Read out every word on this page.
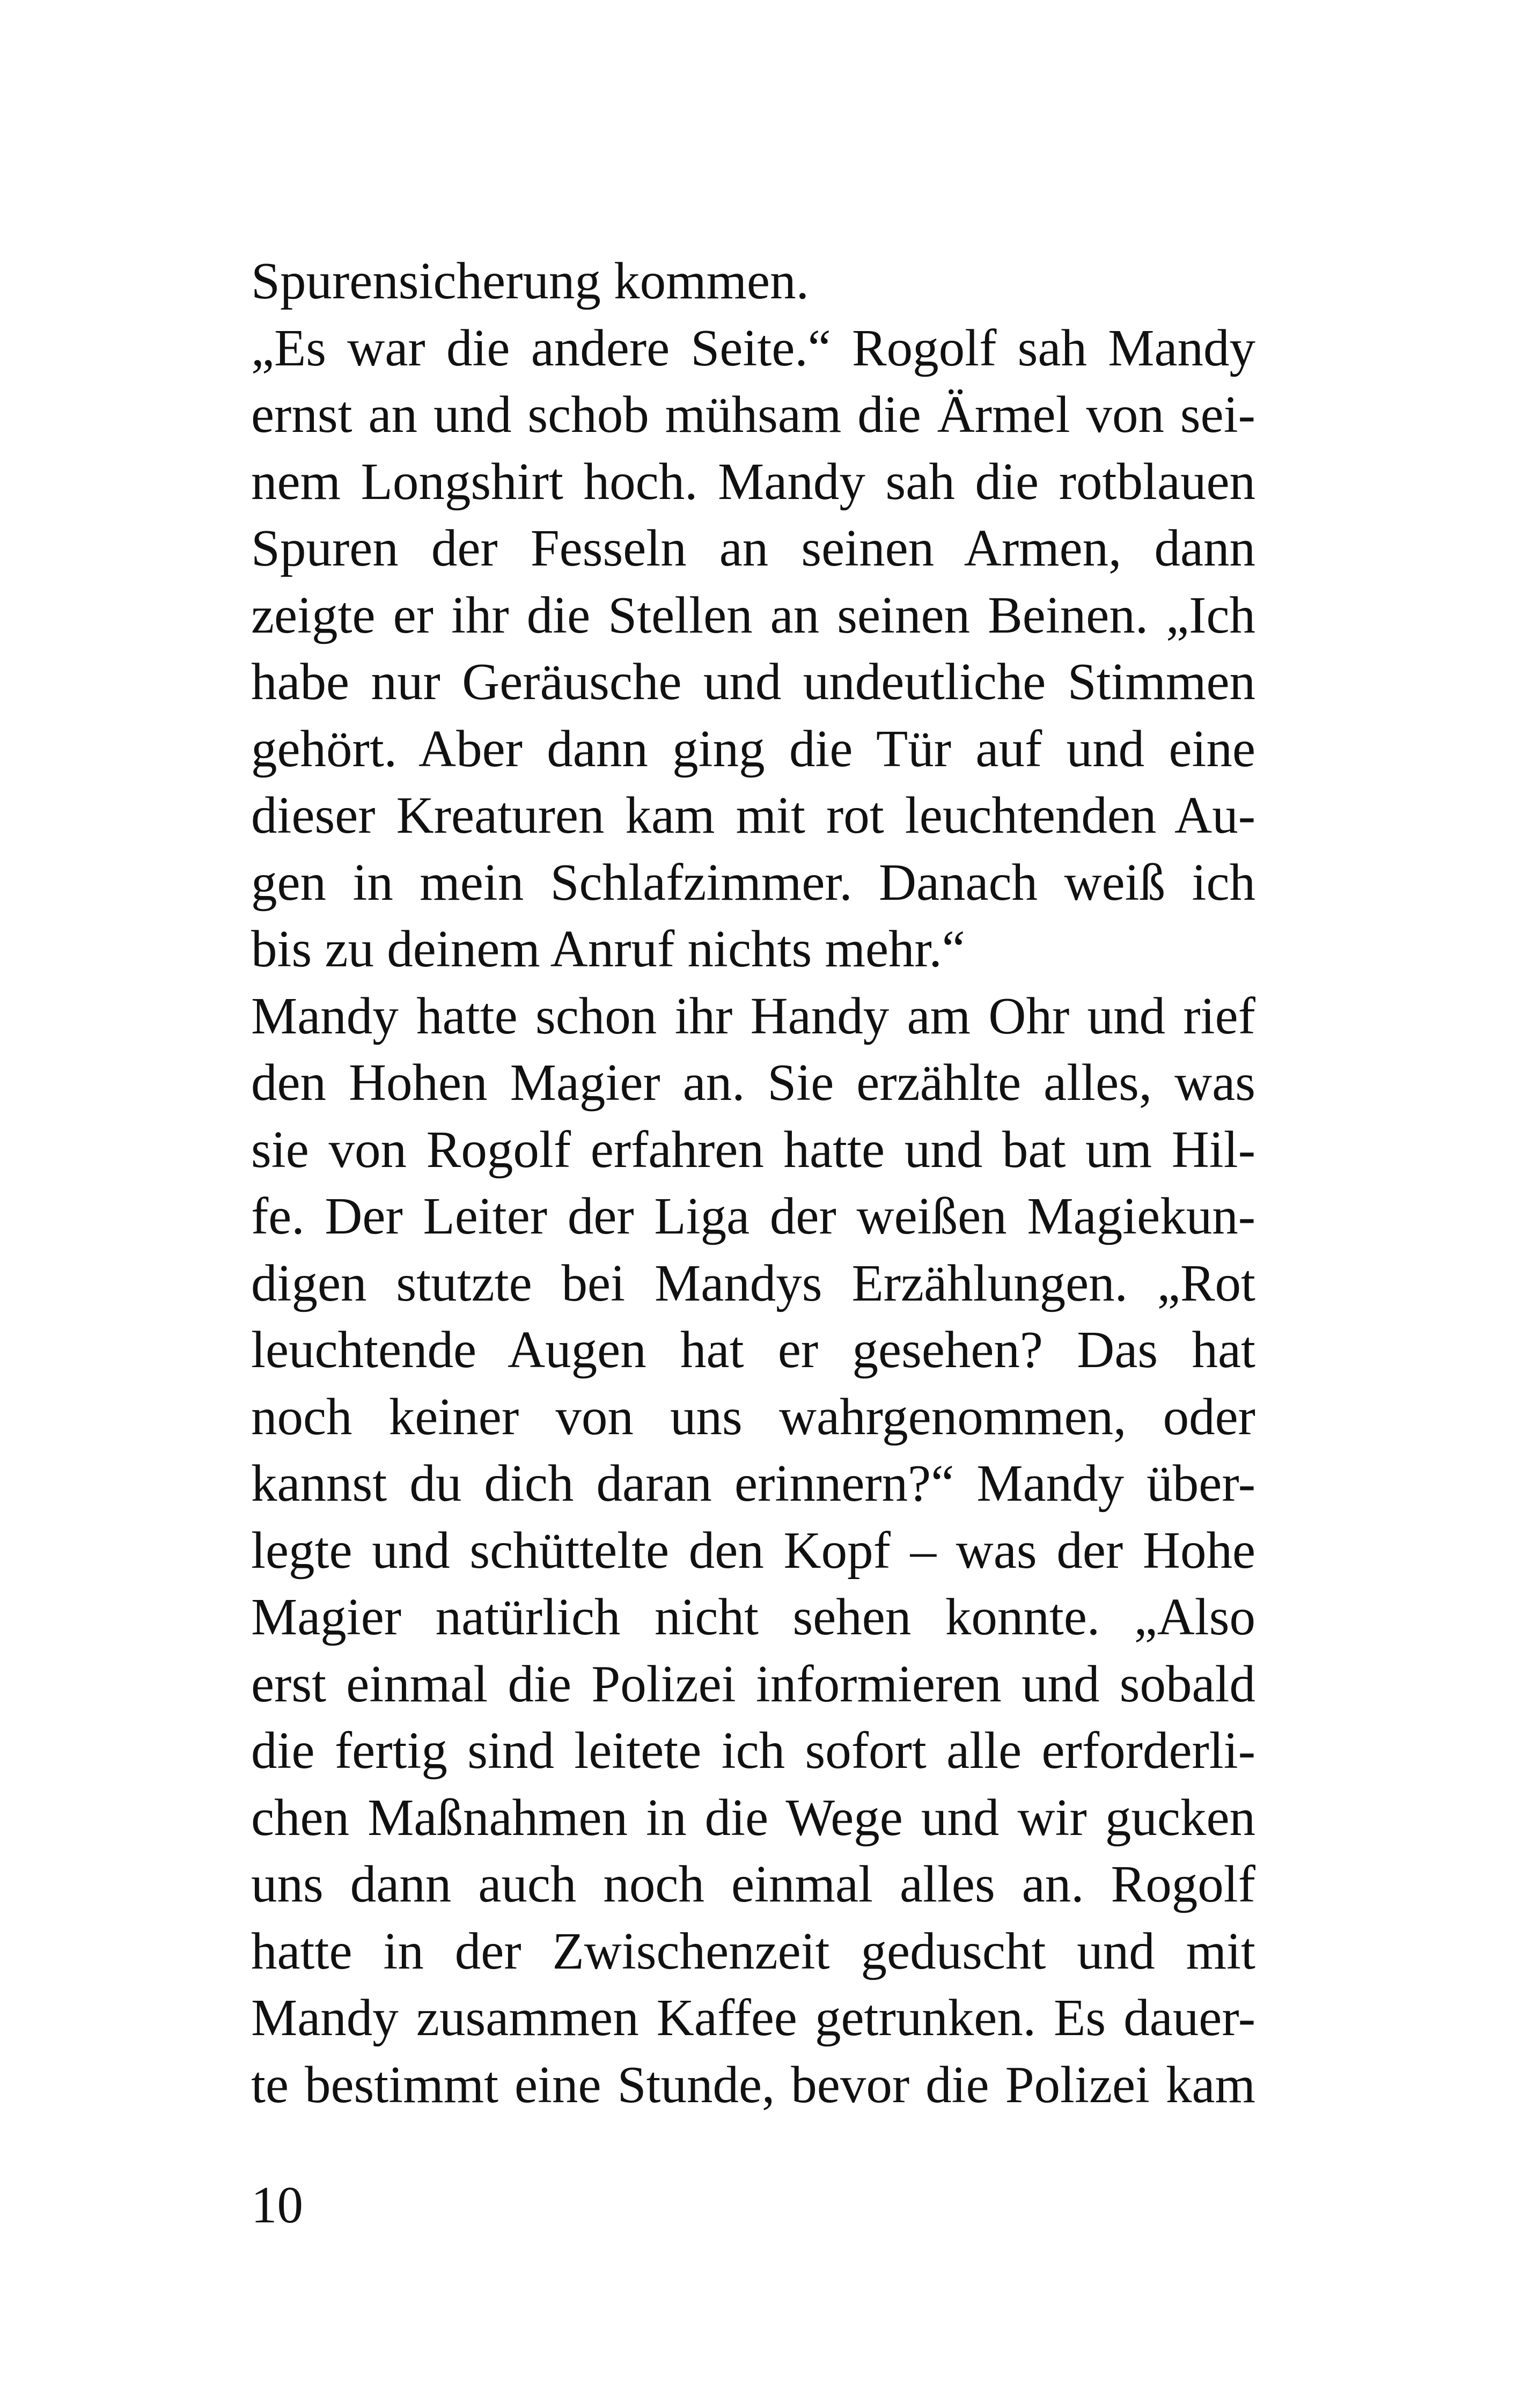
Spurensicherung kommen.
„Es war die andere Seite.“ Rogolf sah Mandy
ernst an und schob mühsam die Ärmel von sei-
nem Longshirt hoch. Mandy sah die rotblauen
Spuren der Fesseln an seinen Armen, dann
zeigte er ihr die Stellen an seinen Beinen. „Ich
habe nur Geräusche und undeutliche Stimmen
gehört. Aber dann ging die Tür auf und eine
dieser Kreaturen kam mit rot leuchtenden Au-
gen in mein Schlafzimmer. Danach weiß ich
bis zu deinem Anruf nichts mehr.“
Mandy hatte schon ihr Handy am Ohr und rief
den Hohen Magier an. Sie erzählte alles, was
sie von Rogolf erfahren hatte und bat um Hil-
fe. Der Leiter der Liga der weißen Magiekun-
digen stutzte bei Mandys Erzählungen. „Rot
leuchtende Augen hat er gesehen? Das hat
noch keiner von uns wahrgenommen, oder
kannst du dich daran erinnern?“ Mandy über-
legte und schüttelte den Kopf – was der Hohe
Magier natürlich nicht sehen konnte. „Also
erst einmal die Polizei informieren und sobald
die fertig sind leitete ich sofort alle erforderli-
chen Maßnahmen in die Wege und wir gucken
uns dann auch noch einmal alles an. Rogolf
hatte in der Zwischenzeit geduscht und mit
Mandy zusammen Kaffee getrunken. Es dauer-
te bestimmt eine Stunde, bevor die Polizei kam
10
